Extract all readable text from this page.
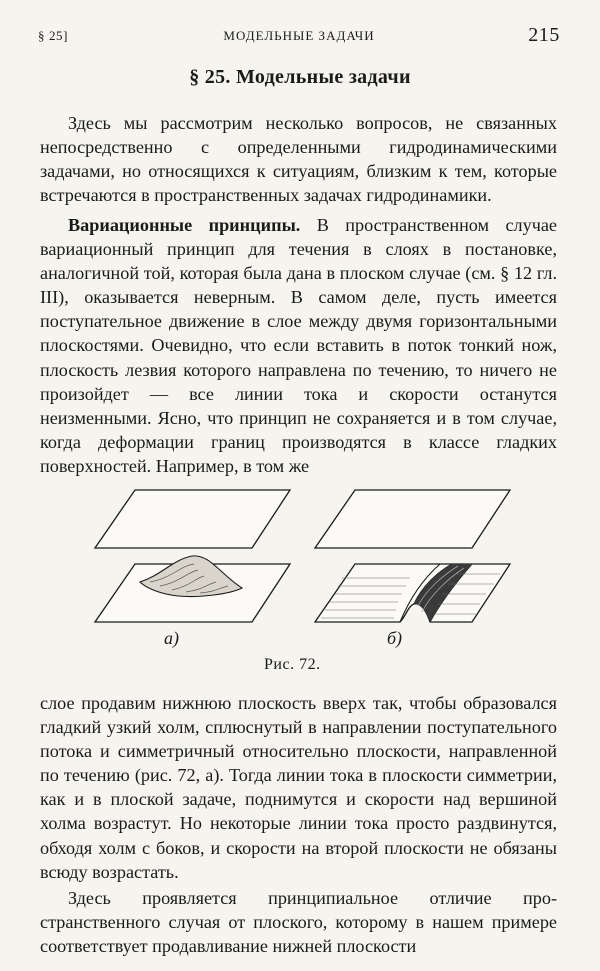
§ 25]	МОДЕЛЬНЫЕ ЗАДАЧИ	215
§ 25. Модельные задачи

Здесь мы рассмотрим несколько вопросов, не связанных непосредственно с определенными гидродинамическими задачами, но относящихся к ситуациям, близким к тем, которые встречаются в пространственных задачах гидродинамики.

Вариационные принципы. В пространственном случае вариационный принцип для течения в слоях в постановке, аналогичной той, которая была дана в плоском случае (см. § 12 гл. III), оказывается неверным. В самом деле, пусть имеется поступательное движение в слое между двумя горизонтальными плоскостями. Очевидно, что если вставить в поток тонкий нож, плоскость лезвия которого направлена по течению, то ничего не произойдет — все линии тока и скорости останутся неизменными. Ясно, что принцип не сохраняется и в том случае, когда деформации границ производятся в классе гладких поверхностей. Например, в том же

а)	б)
Рис. 72.

слое продавим нижнюю плоскость вверх так, чтобы образовался гладкий узкий холм, сплюснутый в направлении поступательного потока и симметричный относительно плоскости, направленной по течению (рис. 72, а). Тогда линии тока в плоскости симметрии, как и в плоской задаче, поднимутся и скорости над вершиной холма возрастут. Но некоторые линии тока просто раздвинутся, обходя холм с боков, и скорости на второй плоскости не обязаны всюду возрастать.

Здесь проявляется принципиальное отличие пространственного случая от плоского, которому в нашем примере соответствует продавливание нижней плоскости
